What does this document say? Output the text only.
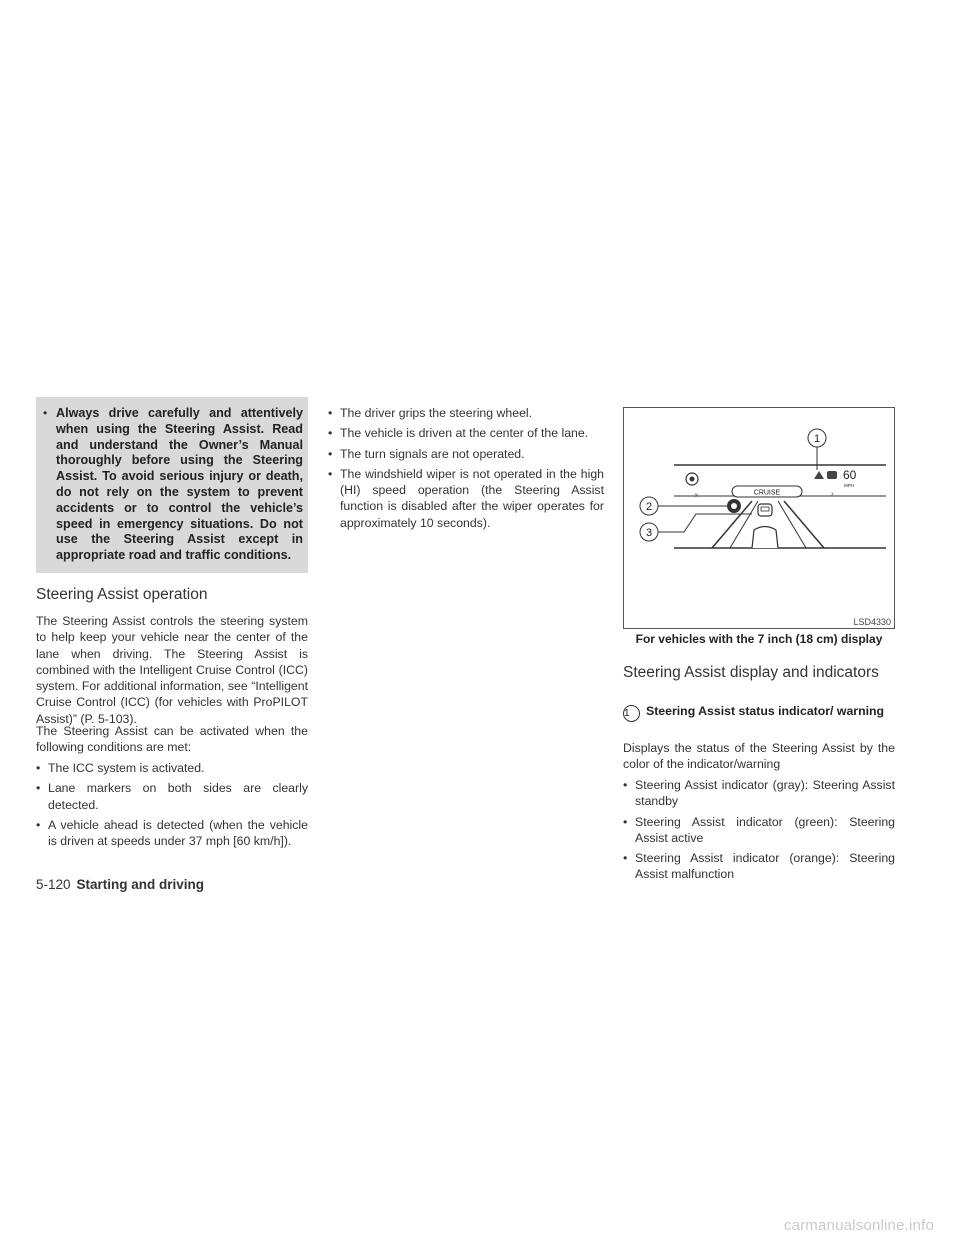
• Always drive carefully and attentively when using the Steering Assist. Read and understand the Owner’s Manual thoroughly before using the Steering Assist. To avoid serious injury or death, do not rely on the system to prevent accidents or to control the vehicle’s speed in emergency situations. Do not use the Steering Assist except in appropriate road and traffic conditions.

Steering Assist operation

The Steering Assist controls the steering system to help keep your vehicle near the center of the lane when driving. The Steering Assist is combined with the Intelligent Cruise Control (ICC) system. For additional information, see “Intelligent Cruise Control (ICC) (for vehicles with ProPILOT Assist)” (P. 5-103).

The Steering Assist can be activated when the following conditions are met:

• The ICC system is activated.
• Lane markers on both sides are clearly detected.
• A vehicle ahead is detected (when the vehicle is driven at speeds under 37 mph [60 km/h]).
• The driver grips the steering wheel.
• The vehicle is driven at the center of the lane.
• The turn signals are not operated.
• The windshield wiper is not operated in the high (HI) speed operation (the Steering Assist function is disabled after the wiper operates for approximately 10 seconds).
60
MPH
×	CRUISE	›
1
2
3
LSD4330
For vehicles with the 7 inch (18 cm) display
Steering Assist display and indicators

1 Steering Assist status indicator/ warning

Displays the status of the Steering Assist by the color of the indicator/warning

• Steering Assist indicator (gray): Steering Assist standby
• Steering Assist indicator (green): Steering Assist active
• Steering Assist indicator (orange): Steering Assist malfunction
5-120 Starting and driving
carmanualsonline.info
